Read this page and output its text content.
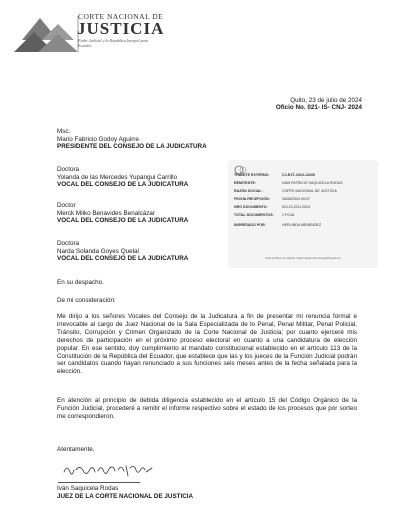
CORTE NACIONAL DE
JUSTICIA
Poder Judicial y la Republica Integral para Ecuador
Quito, 23 de julio de 2024
Oficio No. 021- IS- CNJ- 2024
Msc.
Mario Fabricio Godoy Aguirre
PRESIDENTE DEL CONSEJO DE LA JUDICATURA
Doctora
Yolanda de las Mercedes Yupangui Carrillo
VOCAL DEL CONSEJO DE LA JUDICATURA
Doctor
Merck Milko Benavides Benalcázar
VOCAL DEL CONSEJO DE LA JUDICATURA
Doctora
Narda Solanda Goyes Quelal
VOCAL DEL CONSEJO DE LA JUDICATURA
TRÁMITE EXTERNO:	CJ-EXT-2024-13206
REMITENTE:	IVAN PATRICIO SAQUICELA RODAS
RAZÓN SOCIAL:	CORTE NACIONAL DE JUSTICIA
FECHA RECEPCIÓN:	26/08/2024 09:07
NRO DOCUMENTO:	021-IS-CNJ-2024
TOTAL DOCUMENTOS: 1 FOJA
INGRESADO POR:	HERLINDA MENENDEZ
Para verificar su trámite: https://quipux.funcionjudicial.gob.ec
En su despacho.
De mi consideración:
Me dirijo a los señores Vocales del Consejo de la Judicatura a fin de presentar mi renuncia formal e irrevocable al cargo de Juez Nacional de la Sala Especializada de lo Penal, Penal Militar, Penal Policial, Tránsito, Corrupción y Crimen Organizado de la Corte Nacional de Justicia; por cuanto ejerceré mis derechos de participación en el próximo proceso electoral en cuanto a una candidatura de elección popular. En ese sentido, doy cumplimiento al mandato constitucional establecido en el artículo 113 de la Constitución de la República del Ecuador, que establece que las y los jueces de la Función Judicial podrán ser candidatos cuando hayan renunciado a sus funciones seis meses antes de la fecha señalada para la elección.
En atención al principio de debida diligencia establecido en el artículo 15 del Código Orgánico de la Función Judicial, procederé a remitir el informe respectivo sobre el estado de los procesos que por sorteo me correspondieron.
Atentamente,
Iván Saquicela Rodas
JUEZ DE LA CORTE NACIONAL DE JUSTICIA
